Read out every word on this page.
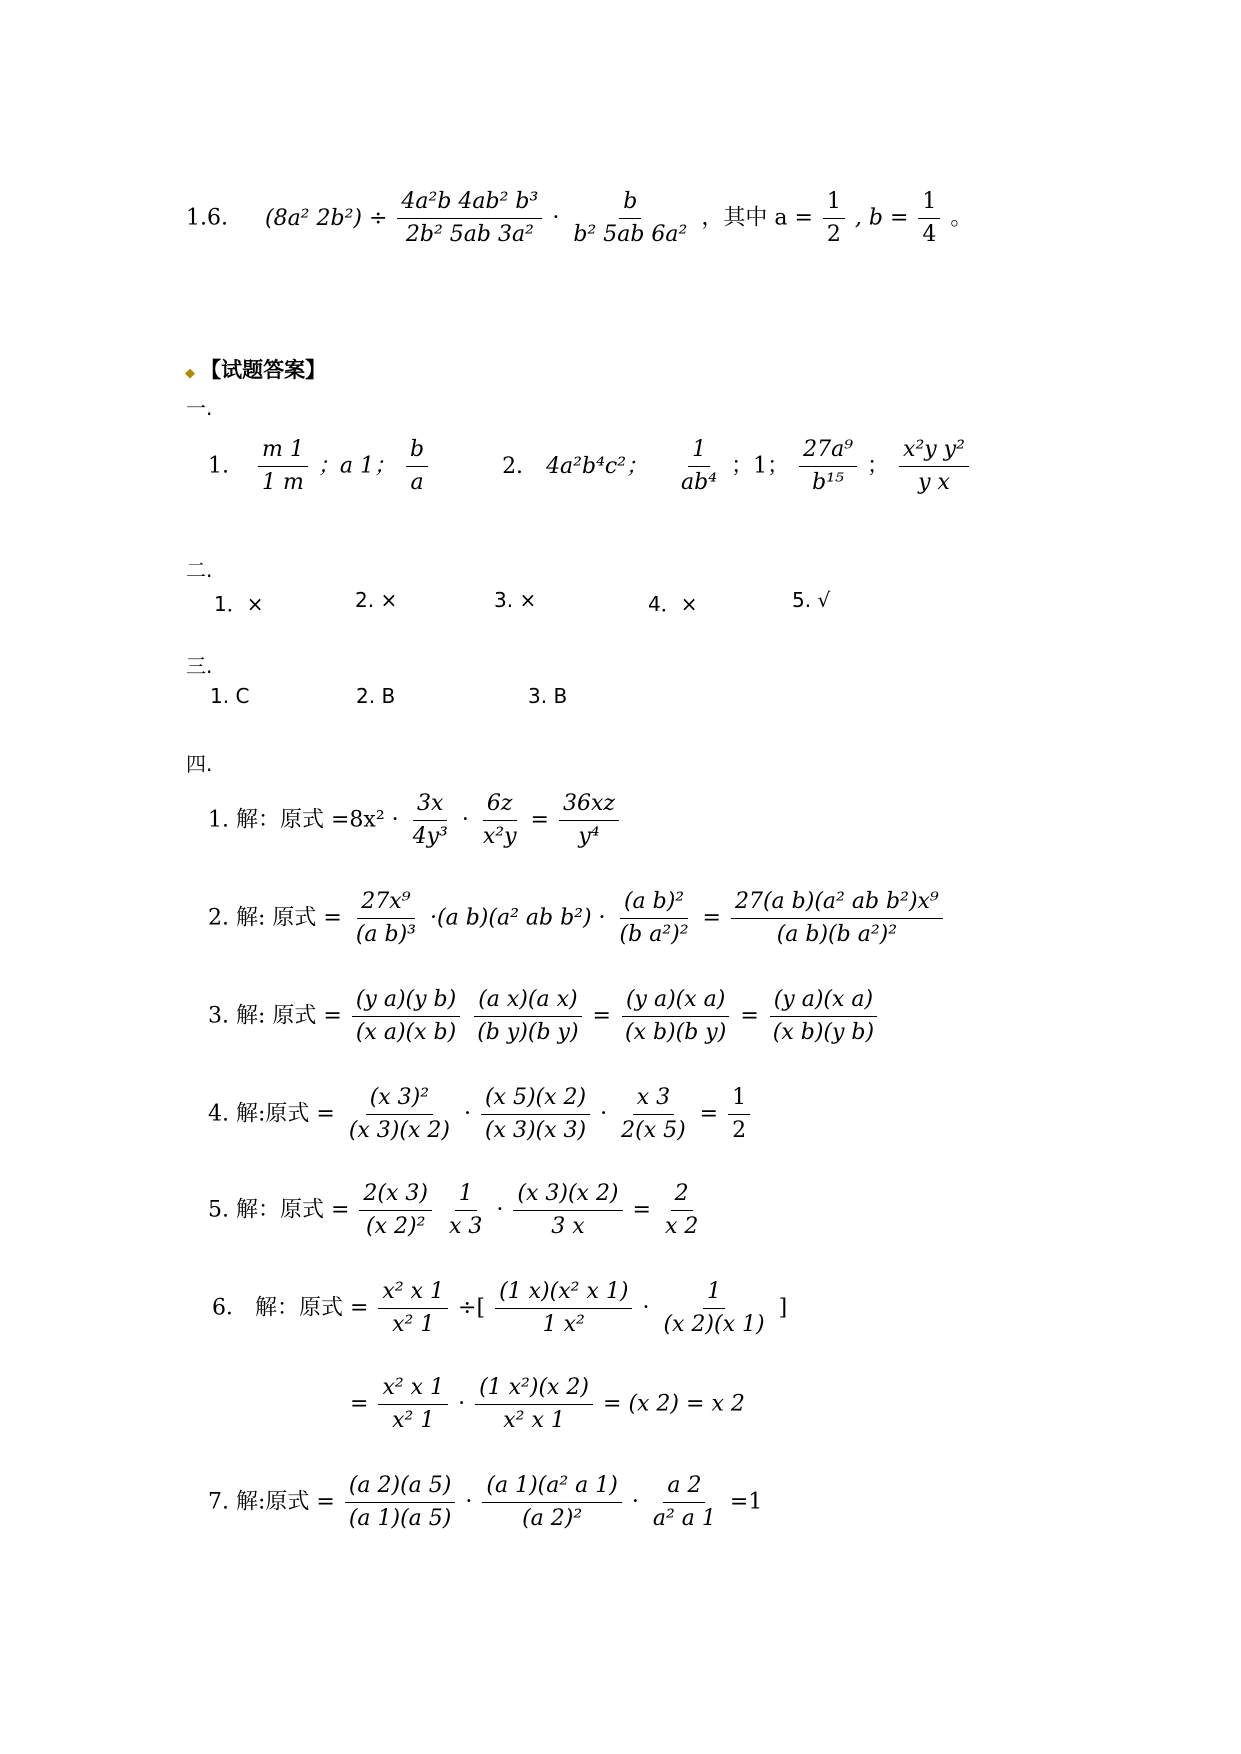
1.6. (8a² $2b^2) \div \frac{\text{4a²b 4ab² b³}}{\text{2b² 5ab 3a²}} \cdot \frac{b}{\text{b² 5ab 6a²}}$ ，其中 $a = \frac{1}{2}$ , $b = \frac{1}{4}$ 。
◆ 【试题答案】
一.
1. $\frac{m 1}{1 m}$ ；a 1； $\frac{b}{a}$	2. 4a²b⁴c²； $\frac{1}{\text{ab⁴}}$ ；1； $\frac{\text{27a⁹}}{\text{b¹⁵}}$ ； $\frac{\text{x²y y²}}{\text{y x}}$
二.
1．×	2. ×	3. ×	4．×	5. √
三.
1. C	2. B	3. B
四.
1. 解：原式 $=8x^2 \cdot \frac{3x}{\text{4y³}} \cdot \frac{6z}{\text{x²y}} = \frac{36xz}{\text{y⁴}}$
2. 解: 原式 = $\frac{\text{27x⁹}}{\text{(a b)³}} \cdot(a$ b)(a² ab $b^2) \cdot \frac{\text{(a b)²}}{\text{(b a²)²}} = \frac{\text{27(a b)(a² ab b²)x⁹}}{\text{(a b)(b a²)²}}$
3. 解: 原式 = $\frac{\text{(y a)(y b)}}{\text{(x a)(x b)}}$
$\frac{\text{(a x)(a x)}}{\text{(b y)(b y)}} = \frac{\text{(y a)(x a)}}{\text{(x b)(b y)}} = \frac{\text{(y a)(x a)}}{\text{(x b)(y b)}}$
4. 解:原式 = $\frac{\text{(x 3)²}}{(x 3)(x 2)} \cdot \frac{(x 5)(x 2)}{(x 3)(x 3)} \cdot \frac{x 3}{2(x 5)} = \frac{1}{2}$
5. 解：原式 = $\frac{2(x 3)}{\text{(x 2)²}}$
$\frac{1}{x 3} \cdot \frac{(x 3)(x 2)}{3 x} = \frac{2}{x 2}$
6． 解：原式 = $\frac{\text{x² x 1}}{\text{x² 1}}$ ÷[ $\frac{\text{(1 x)(x² x 1)}}{\text{1 x²}} \cdot \frac{1}{(x 2)(x 1)}$ ]
= $\frac{\text{x² x 1}}{\text{x² 1}} \cdot \frac{\text{(1 x²)(x 2)}}{\text{x² x 1}} = (x$ 2) = x 2
7. 解:原式 = $\frac{(a 2)(a 5)}{(a 1)(a 5)} \cdot \frac{\text{(a 1)(a² a 1)}}{\text{(a 2)²}} \cdot \frac{a 2}{\text{a² a 1}} =1$
